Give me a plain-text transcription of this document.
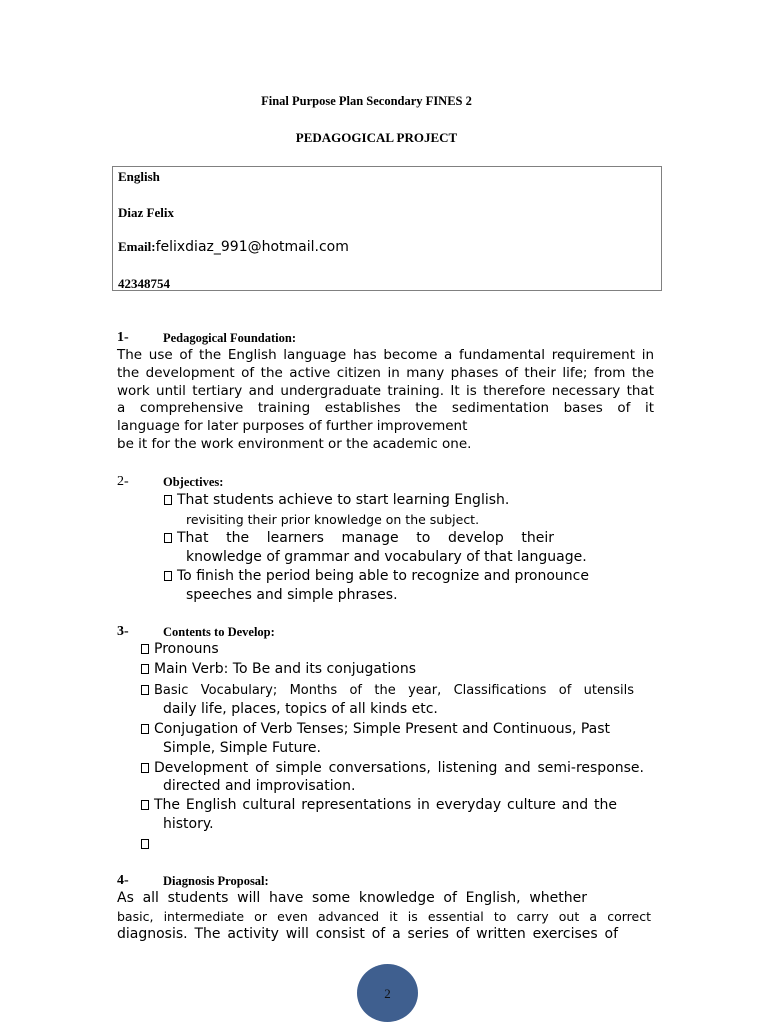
Final Purpose Plan Secondary FINES 2
PEDAGOGICAL PROJECT
English
Diaz Felix
Email:felixdiaz_991@hotmail.com
42348754
1-	Pedagogical Foundation:
The use of the English language has become a fundamental requirement in
the development of the active citizen in many phases of their life; from the
work until tertiary and undergraduate training. It is therefore necessary that
a comprehensive training establishes the sedimentation bases of it
language for later purposes of further improvement
be it for the work environment or the academic one.
2-	Objectives:
That students achieve to start learning English.
revisiting their prior knowledge on the subject.
That the learners manage to develop their
knowledge of grammar and vocabulary of that language.
To finish the period being able to recognize and pronounce
speeches and simple phrases.
3-	Contents to Develop:
Pronouns
Main Verb: To Be and its conjugations
Basic Vocabulary; Months of the year, Classifications of utensils
daily life, places, topics of all kinds etc.
Conjugation of Verb Tenses; Simple Present and Continuous, Past
Simple, Simple Future.
Development of simple conversations, listening and semi-response.
directed and improvisation.
The English cultural representations in everyday culture and the
history.
4-	Diagnosis Proposal:
As all students will have some knowledge of English, whether
basic, intermediate or even advanced it is essential to carry out a correct
diagnosis. The activity will consist of a series of written exercises of
2
